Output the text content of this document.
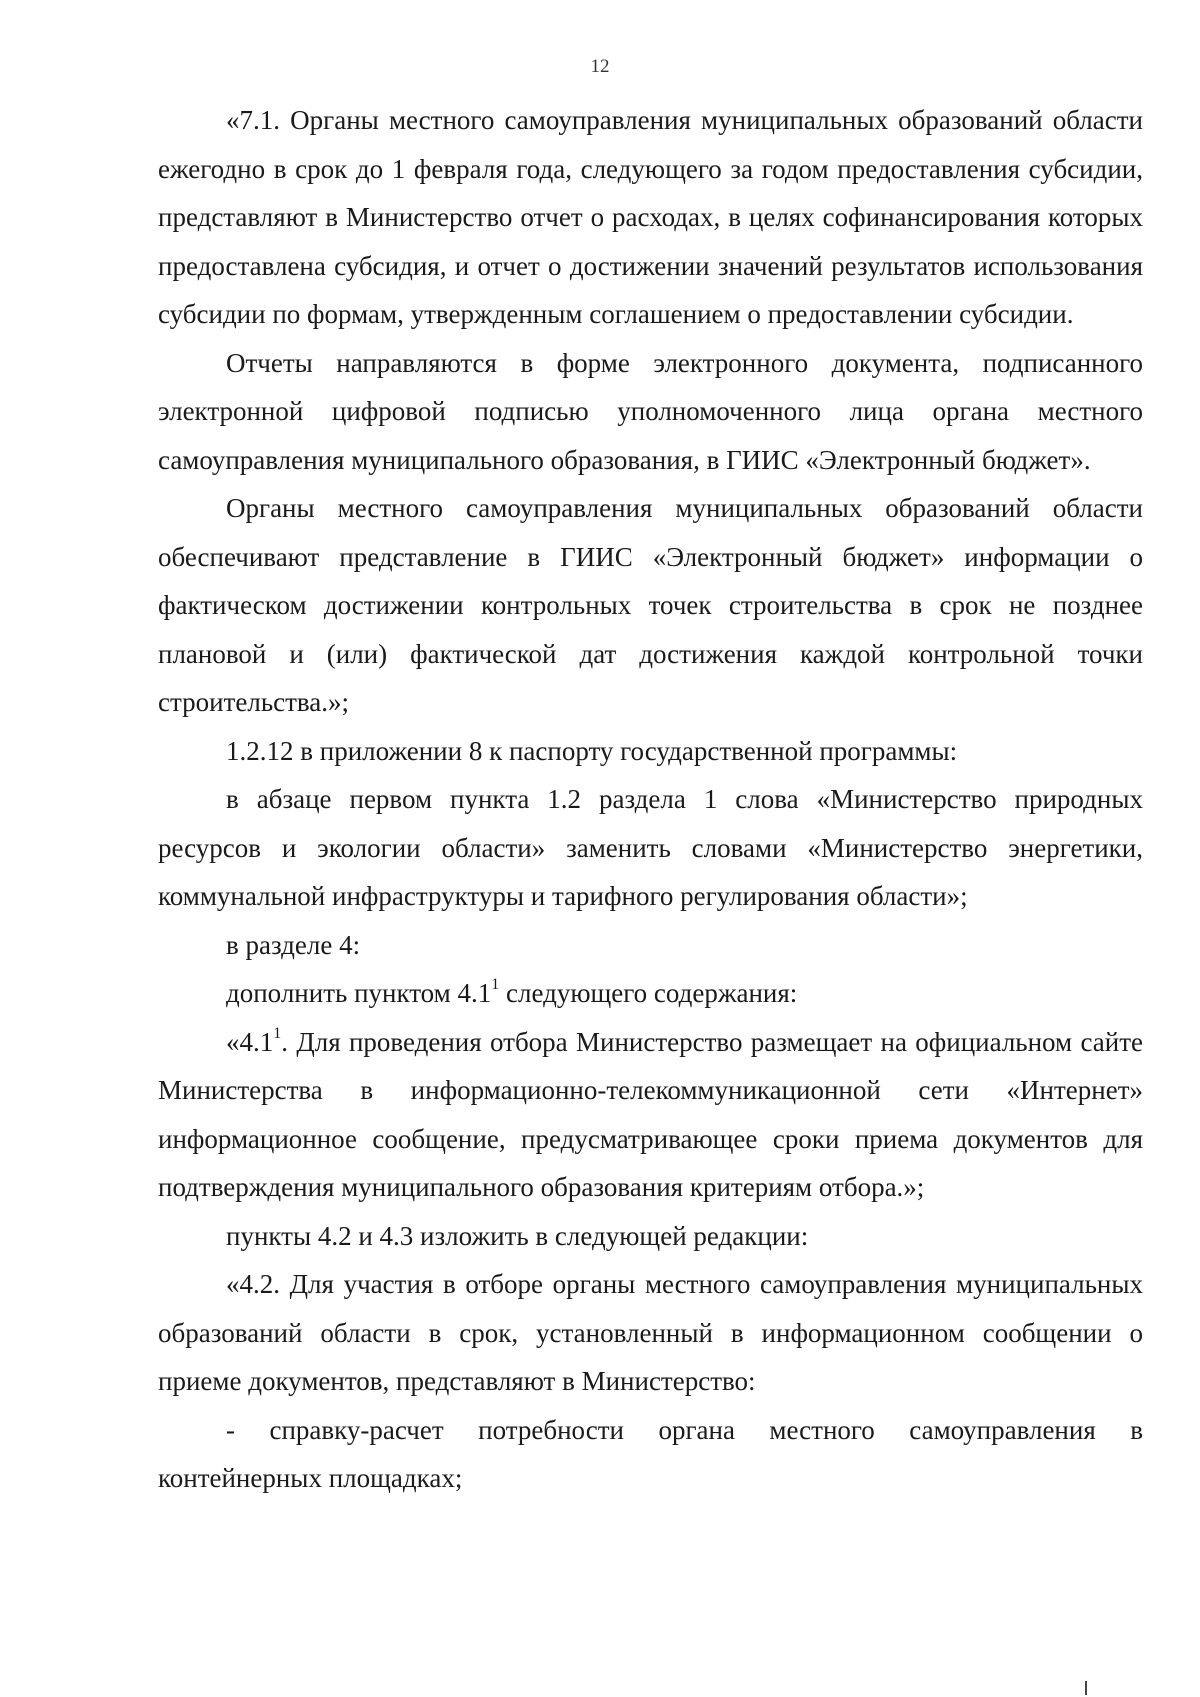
12

«7.1. Органы местного самоуправления муниципальных образований области ежегодно в срок до 1 февраля года, следующего за годом предоставления субсидии, представляют в Министерство отчет о расходах, в целях софинансирования которых предоставлена субсидия, и отчет о достижении значений результатов использования субсидии по формам, утвержденным соглашением о предоставлении субсидии.

Отчеты направляются в форме электронного документа, подписанного электронной цифровой подписью уполномоченного лица органа местного самоуправления муниципального образования, в ГИИС «Электронный бюджет».

Органы местного самоуправления муниципальных образований области обеспечивают представление в ГИИС «Электронный бюджет» информации о фактическом достижении контрольных точек строительства в срок не позднее плановой и (или) фактической дат достижения каждой контрольной точки строительства.»;

1.2.12 в приложении 8 к паспорту государственной программы:

в абзаце первом пункта 1.2 раздела 1 слова «Министерство природных ресурсов и экологии области» заменить словами «Министерство энергетики, коммунальной инфраструктуры и тарифного регулирования области»;

в разделе 4:

дополнить пунктом $4.1^1$ следующего содержания:

«$4.1^1$. Для проведения отбора Министерство размещает на официальном сайте Министерства в информационно-телекоммуникационной сети «Интернет» информационное сообщение, предусматривающее сроки приема документов для подтверждения муниципального образования критериям отбора.»;

пункты 4.2 и 4.3 изложить в следующей редакции:

«4.2. Для участия в отборе органы местного самоуправления муниципальных образований области в срок, установленный в информационном сообщении о приеме документов, представляют в Министерство:

- справку-расчет потребности органа местного самоуправления в контейнерных площадках;
